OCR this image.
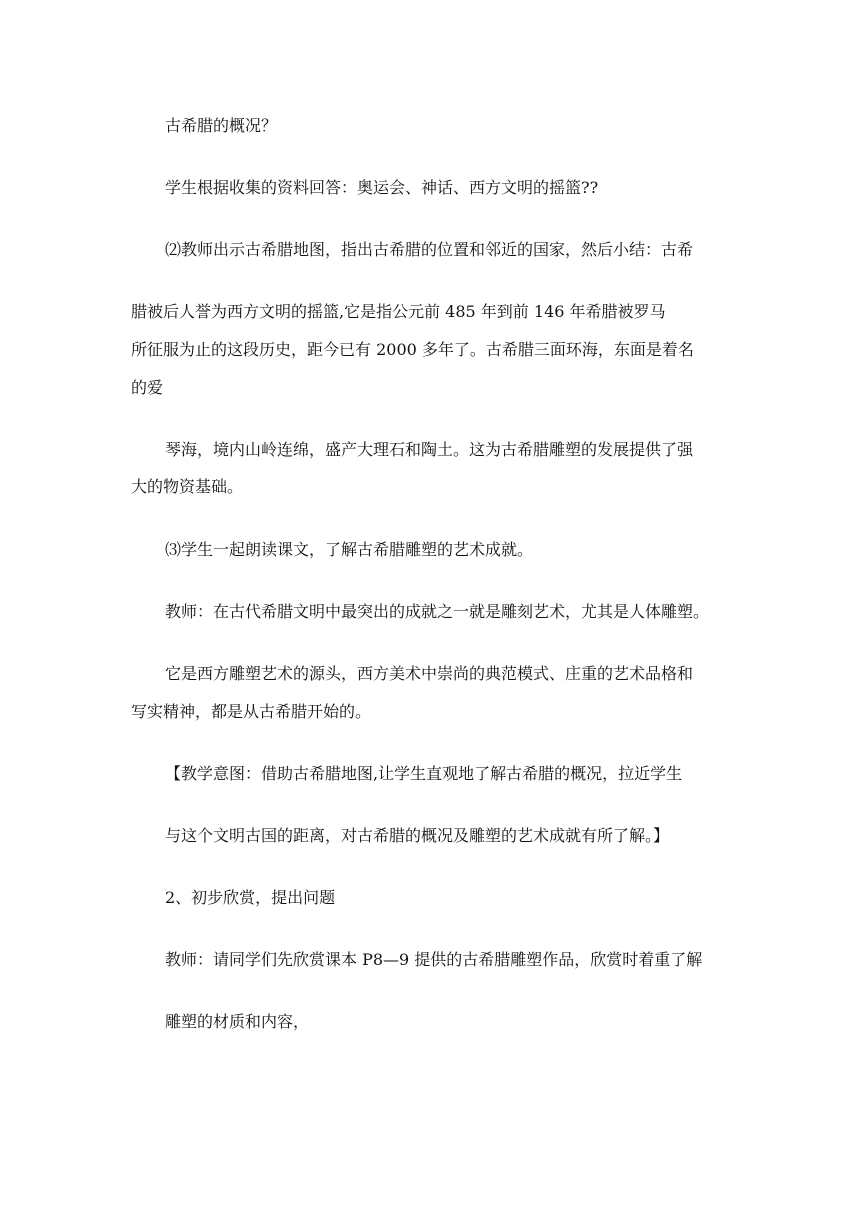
古希腊的概况？
学生根据收集的资料回答：奥运会、神话、西方文明的摇篮??
⑵教师出示古希腊地图，指出古希腊的位置和邻近的国家，然后小结：古希
腊被后人誉为西方文明的摇篮,它是指公元前 485 年到前 146 年希腊被罗马
所征服为止的这段历史，距今已有 2000 多年了。古希腊三面环海，东面是着名
的爱
琴海，境内山岭连绵，盛产大理石和陶土。这为古希腊雕塑的发展提供了强
大的物资基础。
⑶学生一起朗读课文，了解古希腊雕塑的艺术成就。
教师：在古代希腊文明中最突出的成就之一就是雕刻艺术，尤其是人体雕塑。
它是西方雕塑艺术的源头，西方美术中崇尚的典范模式、庄重的艺术品格和
写实精神，都是从古希腊开始的。
【教学意图：借助古希腊地图,让学生直观地了解古希腊的概况，拉近学生
与这个文明古国的距离，对古希腊的概况及雕塑的艺术成就有所了解。】
2、初步欣赏，提出问题
教师：请同学们先欣赏课本 P8—9 提供的古希腊雕塑作品，欣赏时着重了解
雕塑的材质和内容，
